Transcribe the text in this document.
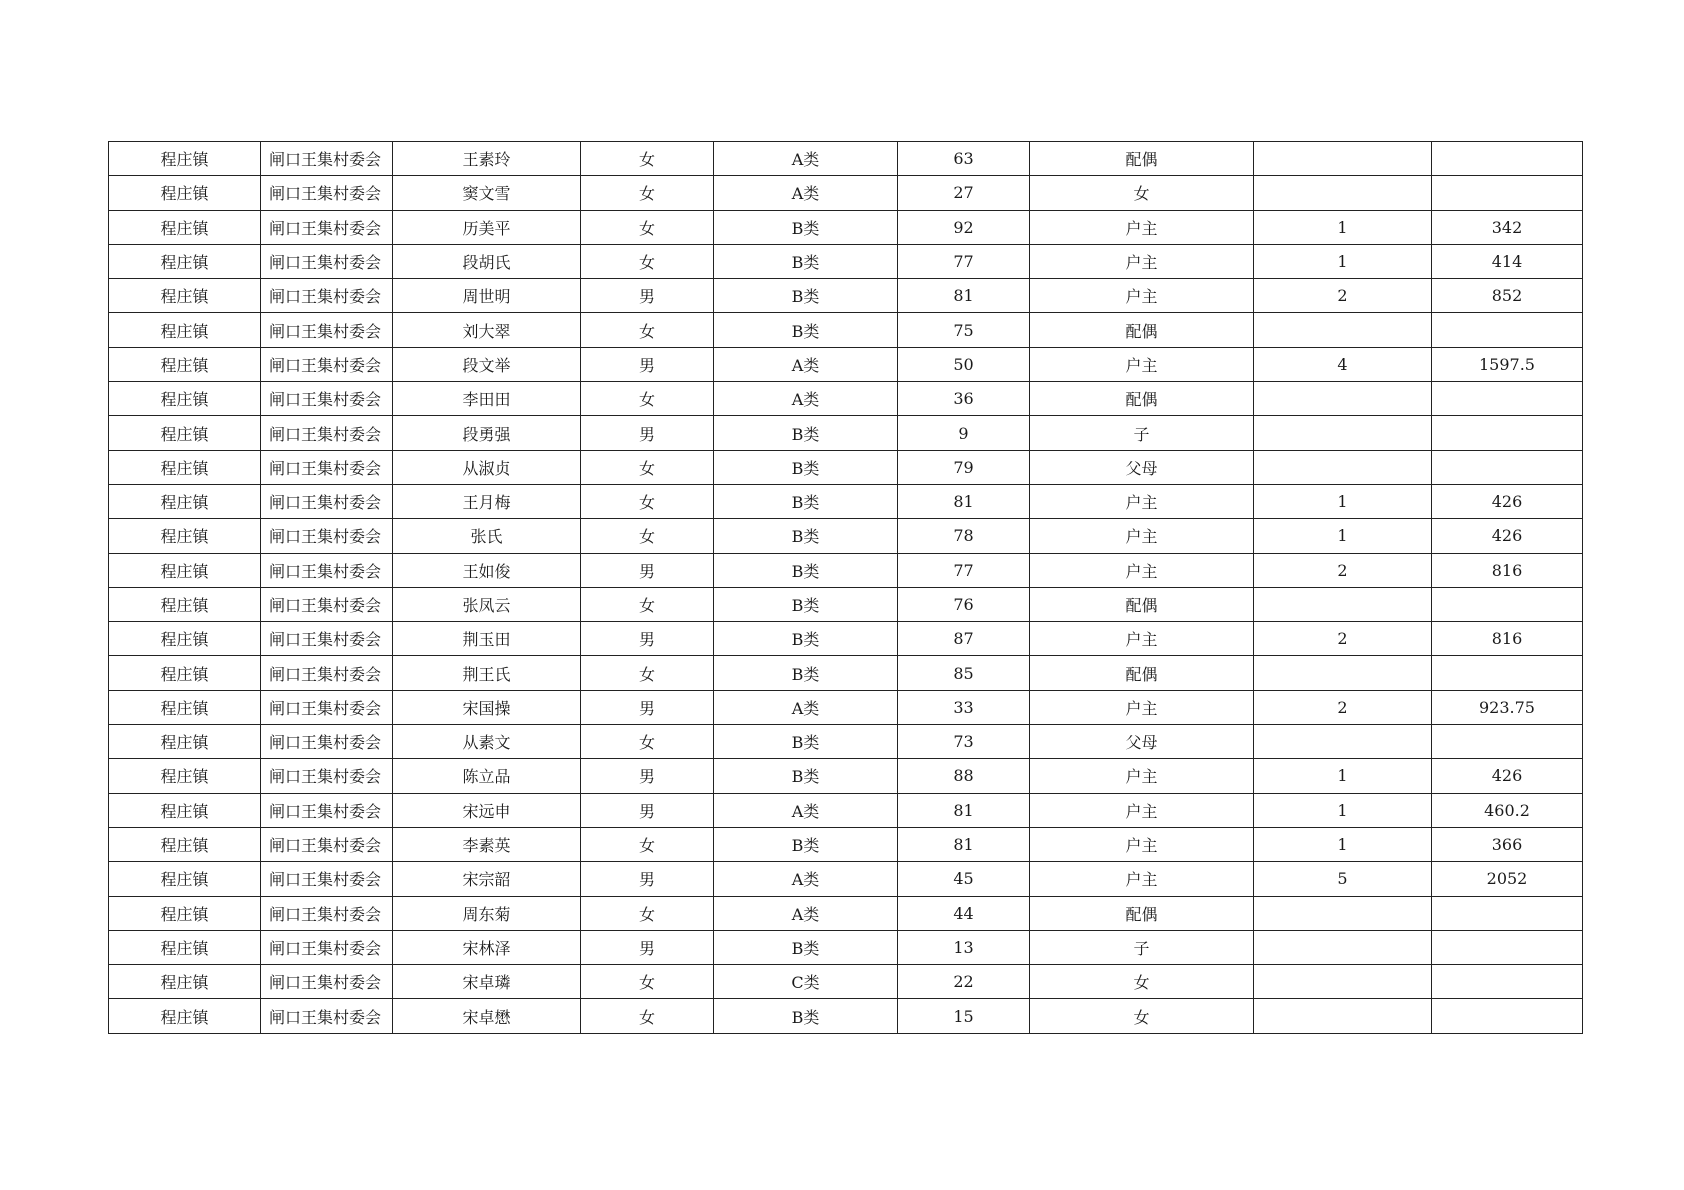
程庄镇	闸口王集村委会	王素玲	女	A类	63	配偶		
程庄镇	闸口王集村委会	窦文雪	女	A类	27	女		
程庄镇	闸口王集村委会	历美平	女	B类	92	户主	1	342
程庄镇	闸口王集村委会	段胡氏	女	B类	77	户主	1	414
程庄镇	闸口王集村委会	周世明	男	B类	81	户主	2	852
程庄镇	闸口王集村委会	刘大翠	女	B类	75	配偶		
程庄镇	闸口王集村委会	段文举	男	A类	50	户主	4	1597.5
程庄镇	闸口王集村委会	李田田	女	A类	36	配偶		
程庄镇	闸口王集村委会	段勇强	男	B类	9	子		
程庄镇	闸口王集村委会	从淑贞	女	B类	79	父母		
程庄镇	闸口王集村委会	王月梅	女	B类	81	户主	1	426
程庄镇	闸口王集村委会	张氏	女	B类	78	户主	1	426
程庄镇	闸口王集村委会	王如俊	男	B类	77	户主	2	816
程庄镇	闸口王集村委会	张凤云	女	B类	76	配偶		
程庄镇	闸口王集村委会	荆玉田	男	B类	87	户主	2	816
程庄镇	闸口王集村委会	荆王氏	女	B类	85	配偶		
程庄镇	闸口王集村委会	宋国操	男	A类	33	户主	2	923.75
程庄镇	闸口王集村委会	从素文	女	B类	73	父母		
程庄镇	闸口王集村委会	陈立品	男	B类	88	户主	1	426
程庄镇	闸口王集村委会	宋远申	男	A类	81	户主	1	460.2
程庄镇	闸口王集村委会	李素英	女	B类	81	户主	1	366
程庄镇	闸口王集村委会	宋宗韶	男	A类	45	户主	5	2052
程庄镇	闸口王集村委会	周东菊	女	A类	44	配偶		
程庄镇	闸口王集村委会	宋林泽	男	B类	13	子		
程庄镇	闸口王集村委会	宋卓璘	女	C类	22	女		
程庄镇	闸口王集村委会	宋卓懋	女	B类	15	女		
